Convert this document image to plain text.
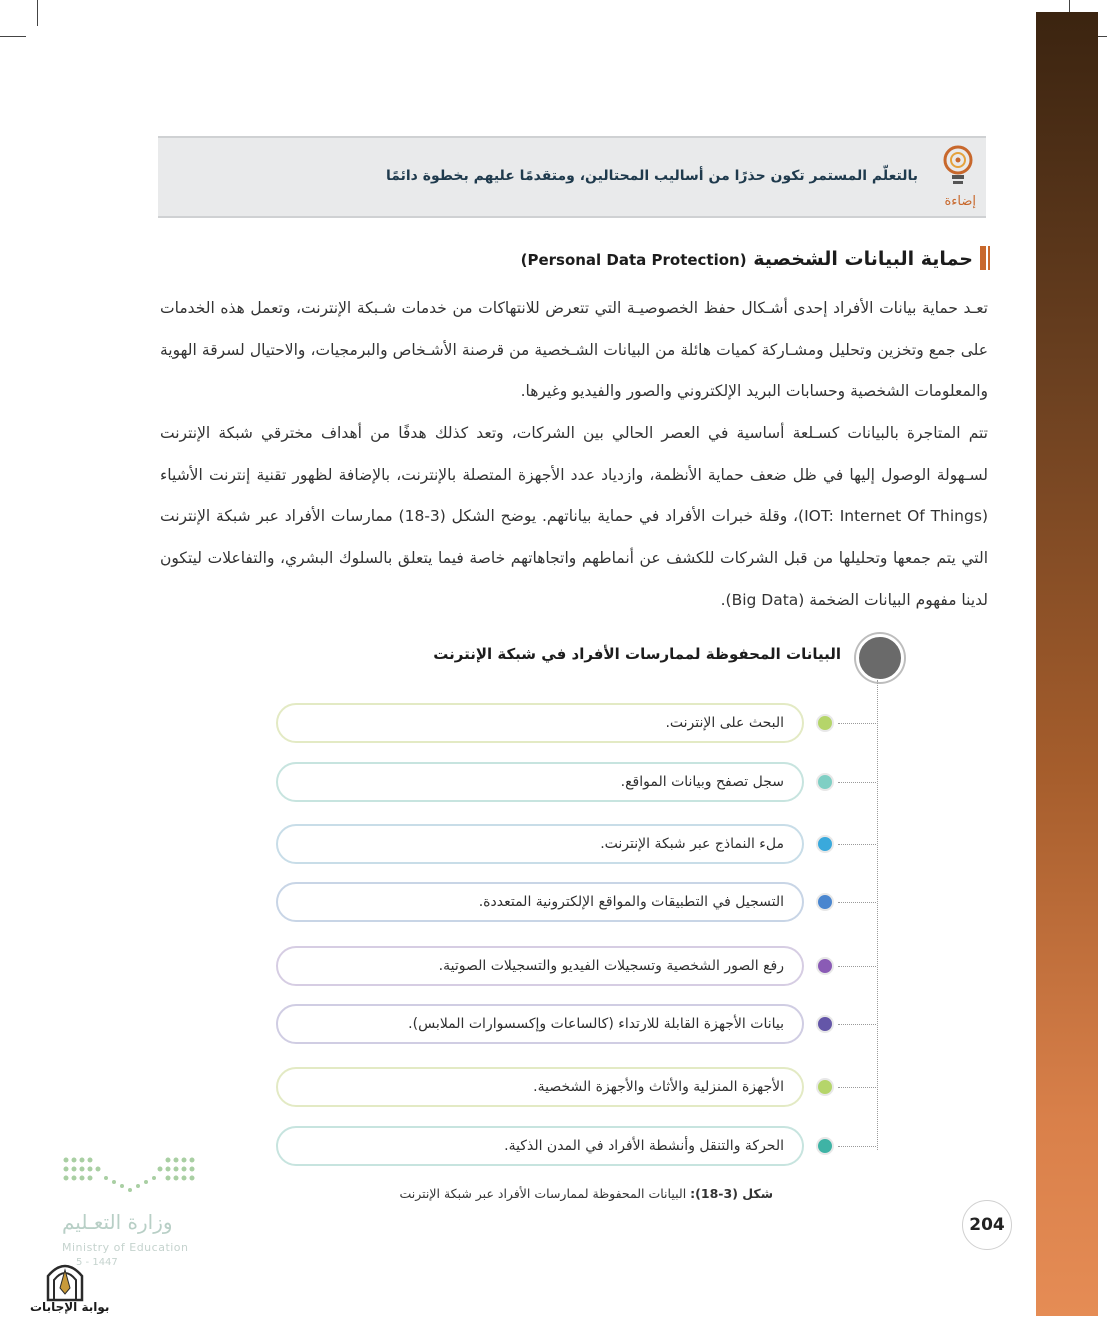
إضاءة
بالتعلّم المستمر تكون حذرًا من أساليب المحتالين، ومتقدمًا عليهم بخطوة دائمًا
حماية البيانات الشخصية (Personal Data Protection)
تعـد حماية بيانات الأفراد إحدى أشـكال حفظ الخصوصيـة التي تتعرض للانتهاكات من خدمات شـبكة الإنترنت، وتعمل هذه الخدمات على جمع وتخزين وتحليل ومشـاركة كميات هائلة من البيانات الشـخصية من قرصنة الأشـخاص والبرمجيات، والاحتيال لسرقة الهوية والمعلومات الشخصية وحسابات البريد الإلكتروني والصور والفيديو وغيرها.
تتم المتاجرة بالبيانات كسـلعة أساسية في العصر الحالي بين الشركات، وتعد كذلك هدفًا من أهداف مخترقي شبكة الإنترنت لسـهولة الوصول إليها في ظل ضعف حماية الأنظمة، وازدياد عدد الأجهزة المتصلة بالإنترنت، بالإضافة لظهور تقنية إنترنت الأشياء (IOT: Internet Of Things)، وقلة خبرات الأفراد في حماية بياناتهم. يوضح الشكل (3-18) ممارسات الأفراد عبر شبكة الإنترنت التي يتم جمعها وتحليلها من قبل الشركات للكشف عن أنماطهم واتجاهاتهم خاصة فيما يتعلق بالسلوك البشري، والتفاعلات ليتكون لدينا مفهوم البيانات الضخمة (Big Data).
البيانات المحفوظة لممارسات الأفراد في شبكة الإنترنت
البحث على الإنترنت.
سجل تصفح وبيانات المواقع.
ملء النماذج عبر شبكة الإنترنت.
التسجيل في التطبيقات والمواقع الإلكترونية المتعددة.
رفع الصور الشخصية وتسجيلات الفيديو والتسجيلات الصوتية.
بيانات الأجهزة القابلة للارتداء (كالساعات وإكسسوارات الملابس).
الأجهزة المنزلية والأثاث والأجهزة الشخصية.
الحركة والتنقل وأنشطة الأفراد في المدن الذكية.
شكل (3-18): البيانات المحفوظة لممارسات الأفراد عبر شبكة الإنترنت
204
وزارة التعـليم
Ministry of Education
5 - 1447
بوابة الإجابات
